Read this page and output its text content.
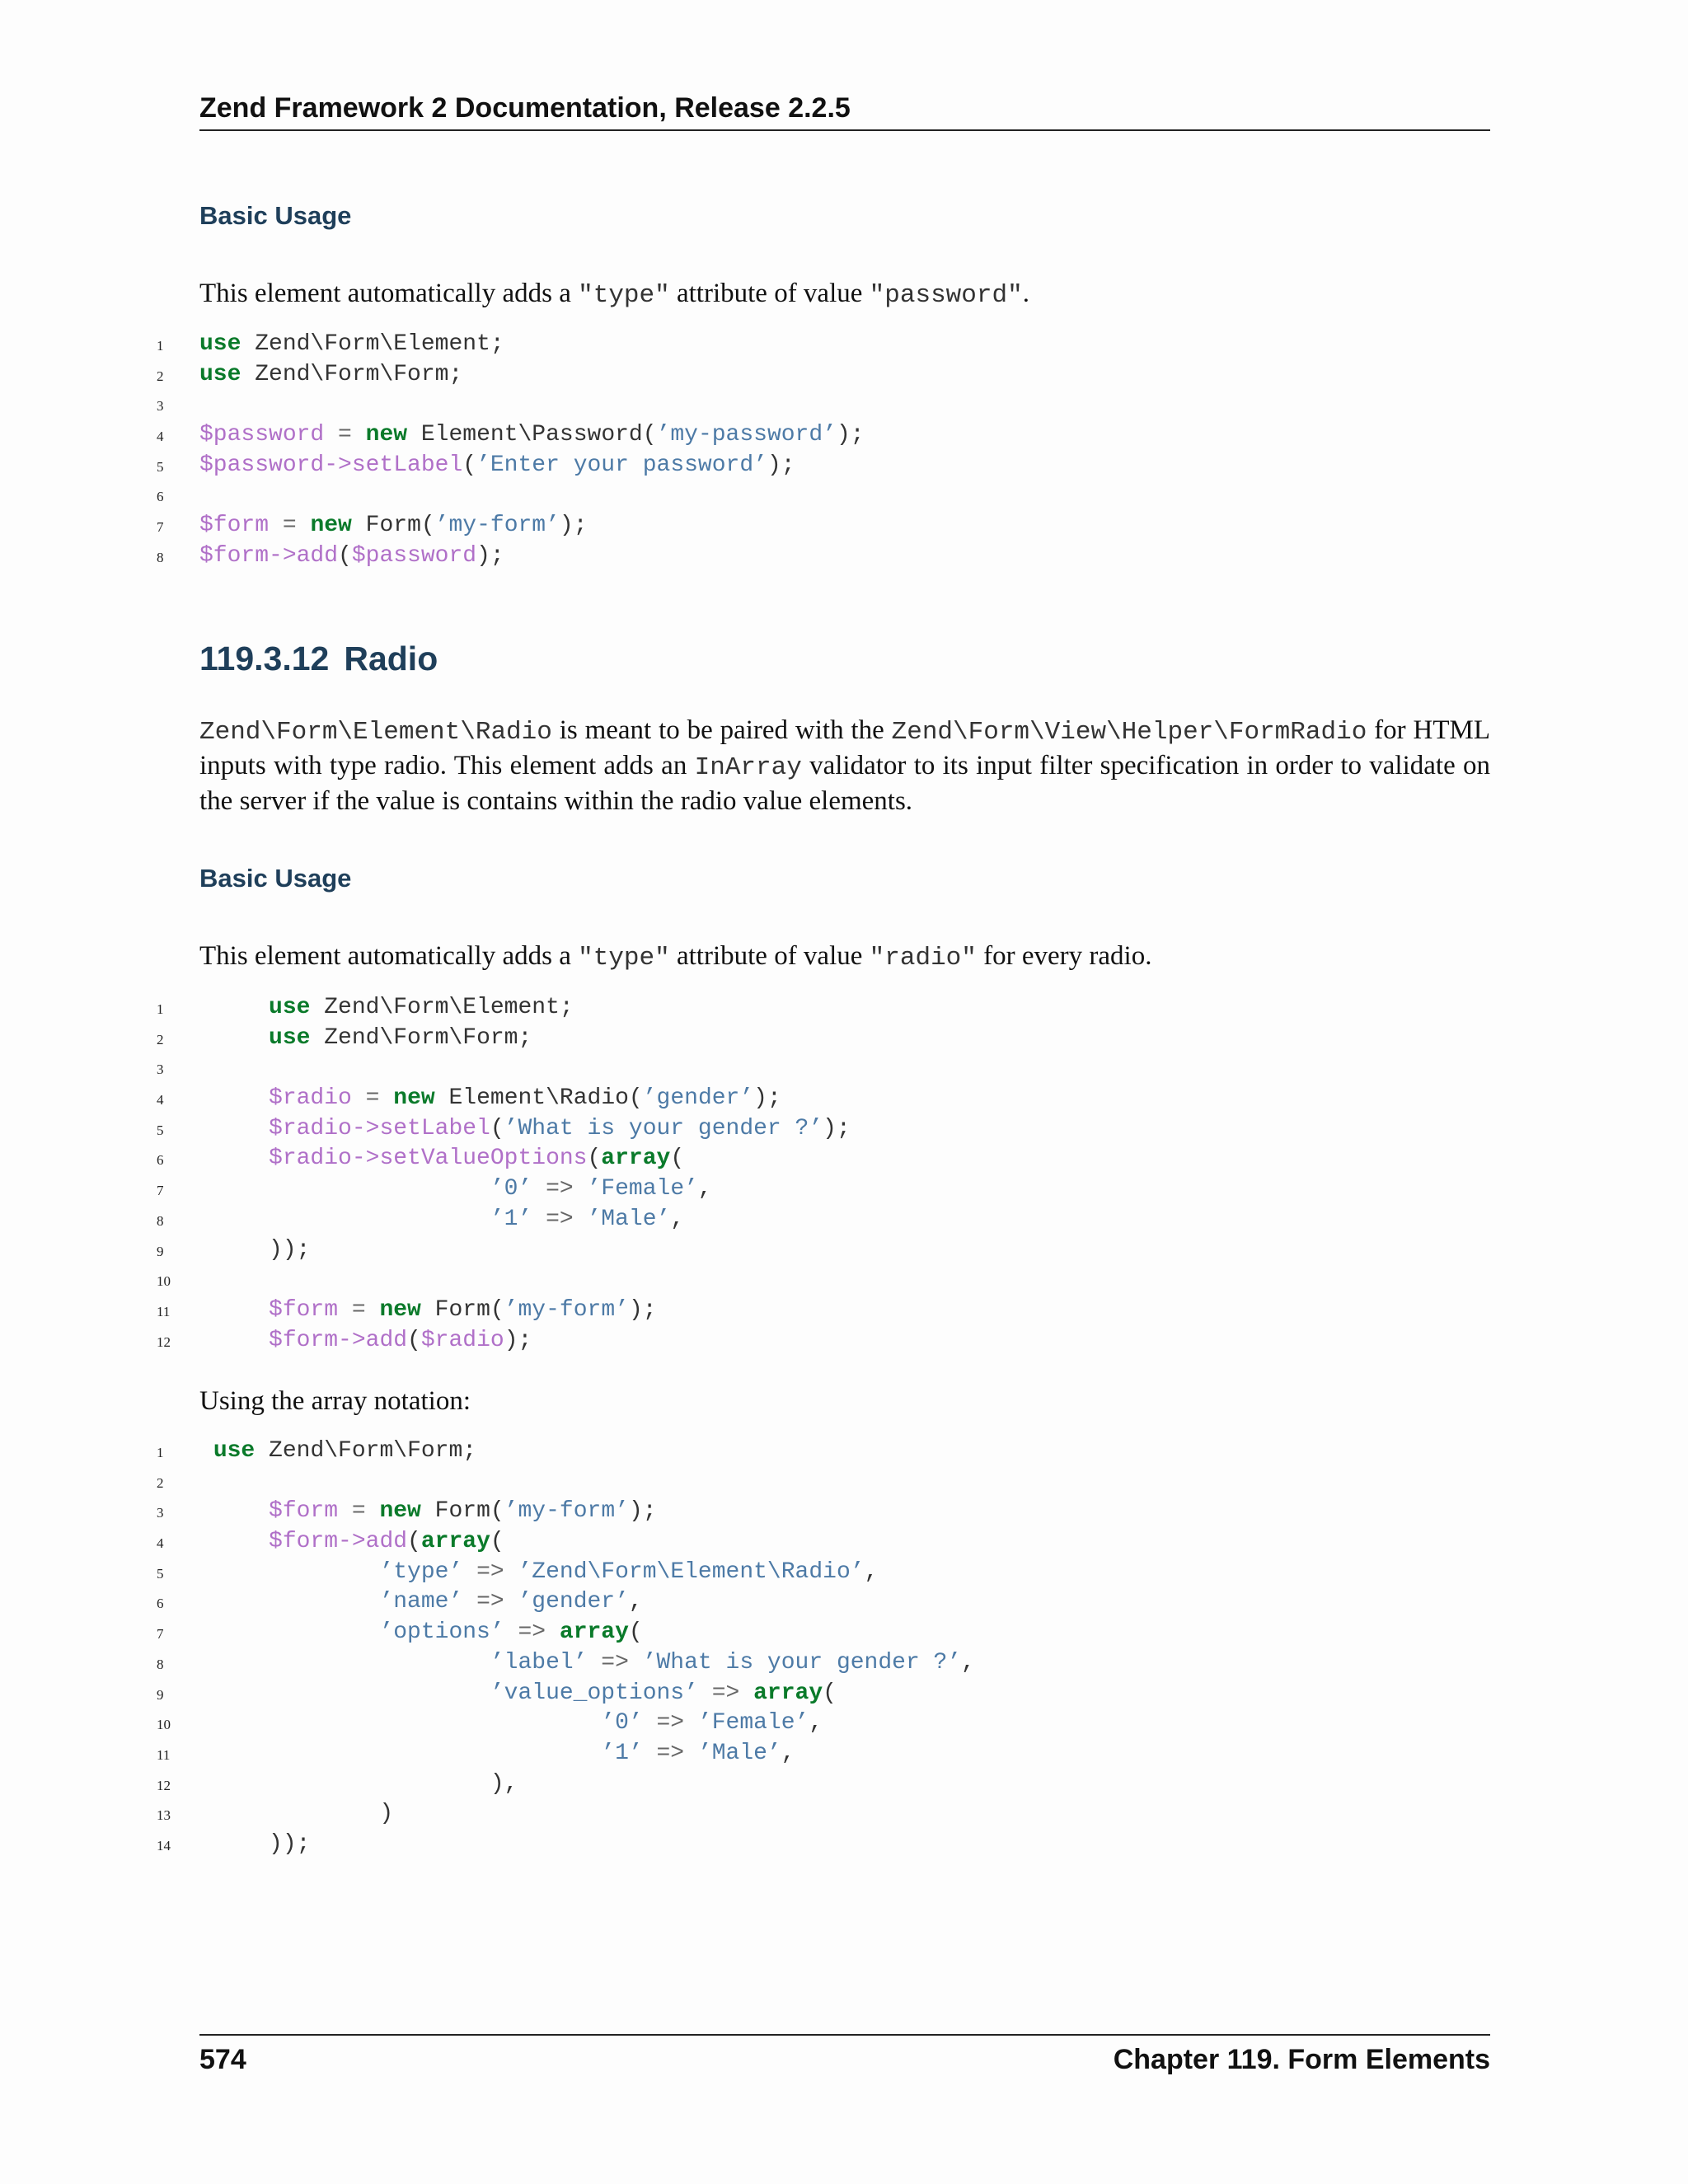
Zend Framework 2 Documentation, Release 2.2.5
Basic Usage
This element automatically adds a "type" attribute of value "password".
1	use Zend\Form\Element;
2	use Zend\Form\Form;
3
4	$password = new Element\Password(’my-password’);
5	$password->setLabel(’Enter your password’);
6
7	$form = new Form(’my-form’);
8	$form->add($password);
119.3.12 Radio
Zend\Form\Element\Radio is meant to be paired with the Zend\Form\View\Helper\FormRadio for HTML inputs with type radio. This element adds an InArray validator to its input filter specification in order to validate on the server if the value is contains within the radio value elements.
Basic Usage
This element automatically adds a "type" attribute of value "radio" for every radio.
1	use Zend\Form\Element;
2	use Zend\Form\Form;
3
4	$radio = new Element\Radio(’gender’);
5	$radio->setLabel(’What is your gender ?’);
6	$radio->setValueOptions(array(
7	’0’ => ’Female’,
8	’1’ => ’Male’,
9	));
10
11	$form = new Form(’my-form’);
12	$form->add($radio);
Using the array notation:
1	use Zend\Form\Form;
2
3	$form = new Form(’my-form’);
4	$form->add(array(
5	’type’ => ’Zend\Form\Element\Radio’,
6	’name’ => ’gender’,
7	’options’ => array(
8	’label’ => ’What is your gender ?’,
9	’value_options’ => array(
10	’0’ => ’Female’,
11	’1’ => ’Male’,
12	),
13	)
14	));
574	Chapter 119. Form Elements
